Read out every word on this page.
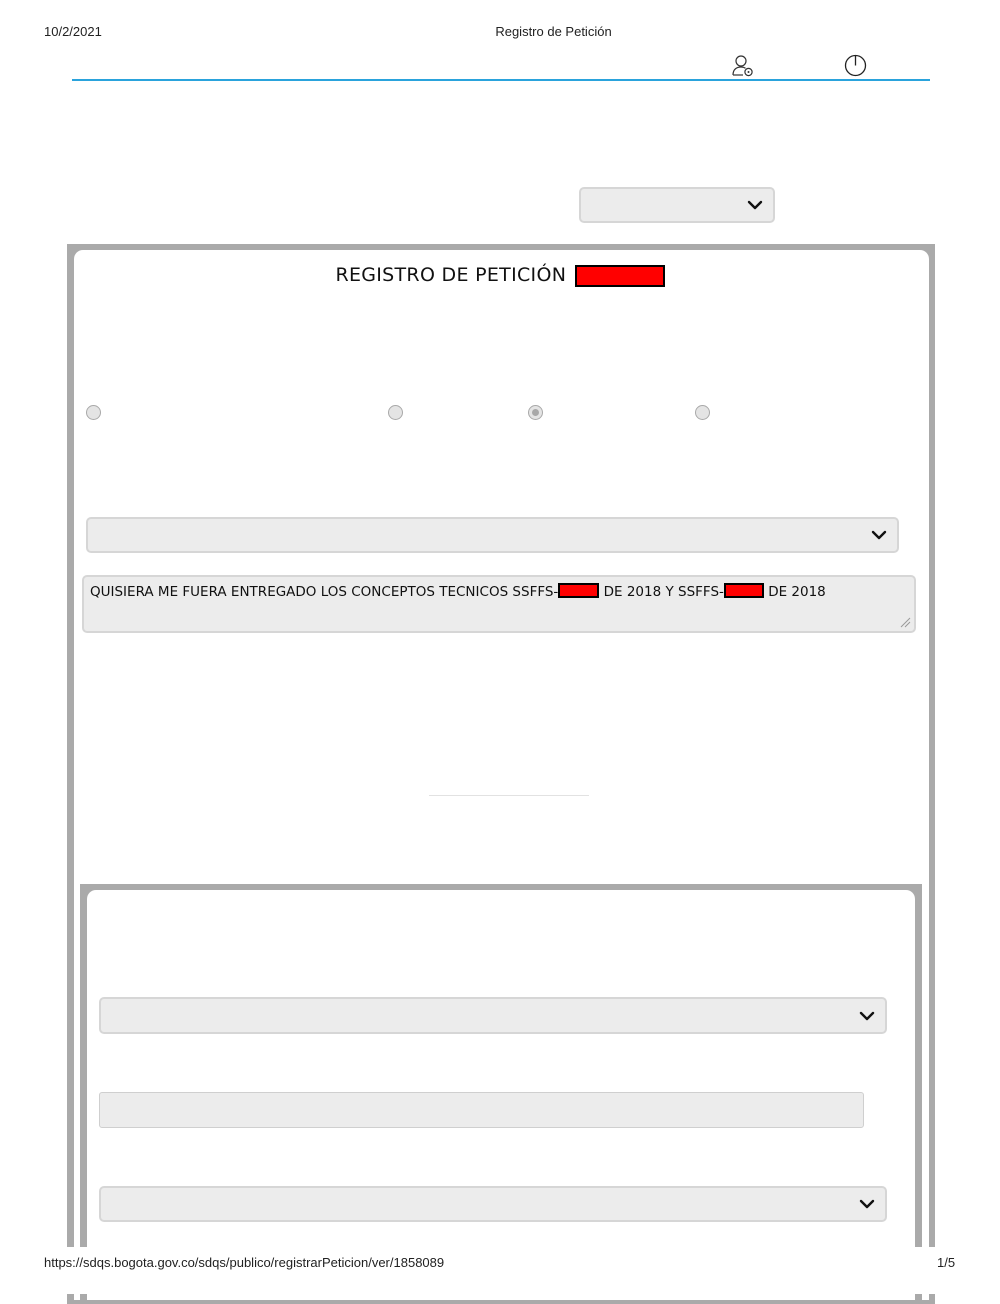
10/2/2021	Registro de Petición
REGISTRO DE PETICIÓN
QUISIERA ME FUERA ENTREGADO LOS CONCEPTOS TECNICOS SSFFS-	DE 2018 Y SSFFS-	DE 2018
https://sdqs.bogota.gov.co/sdqs/publico/registrarPeticion/ver/1858089	1/5
